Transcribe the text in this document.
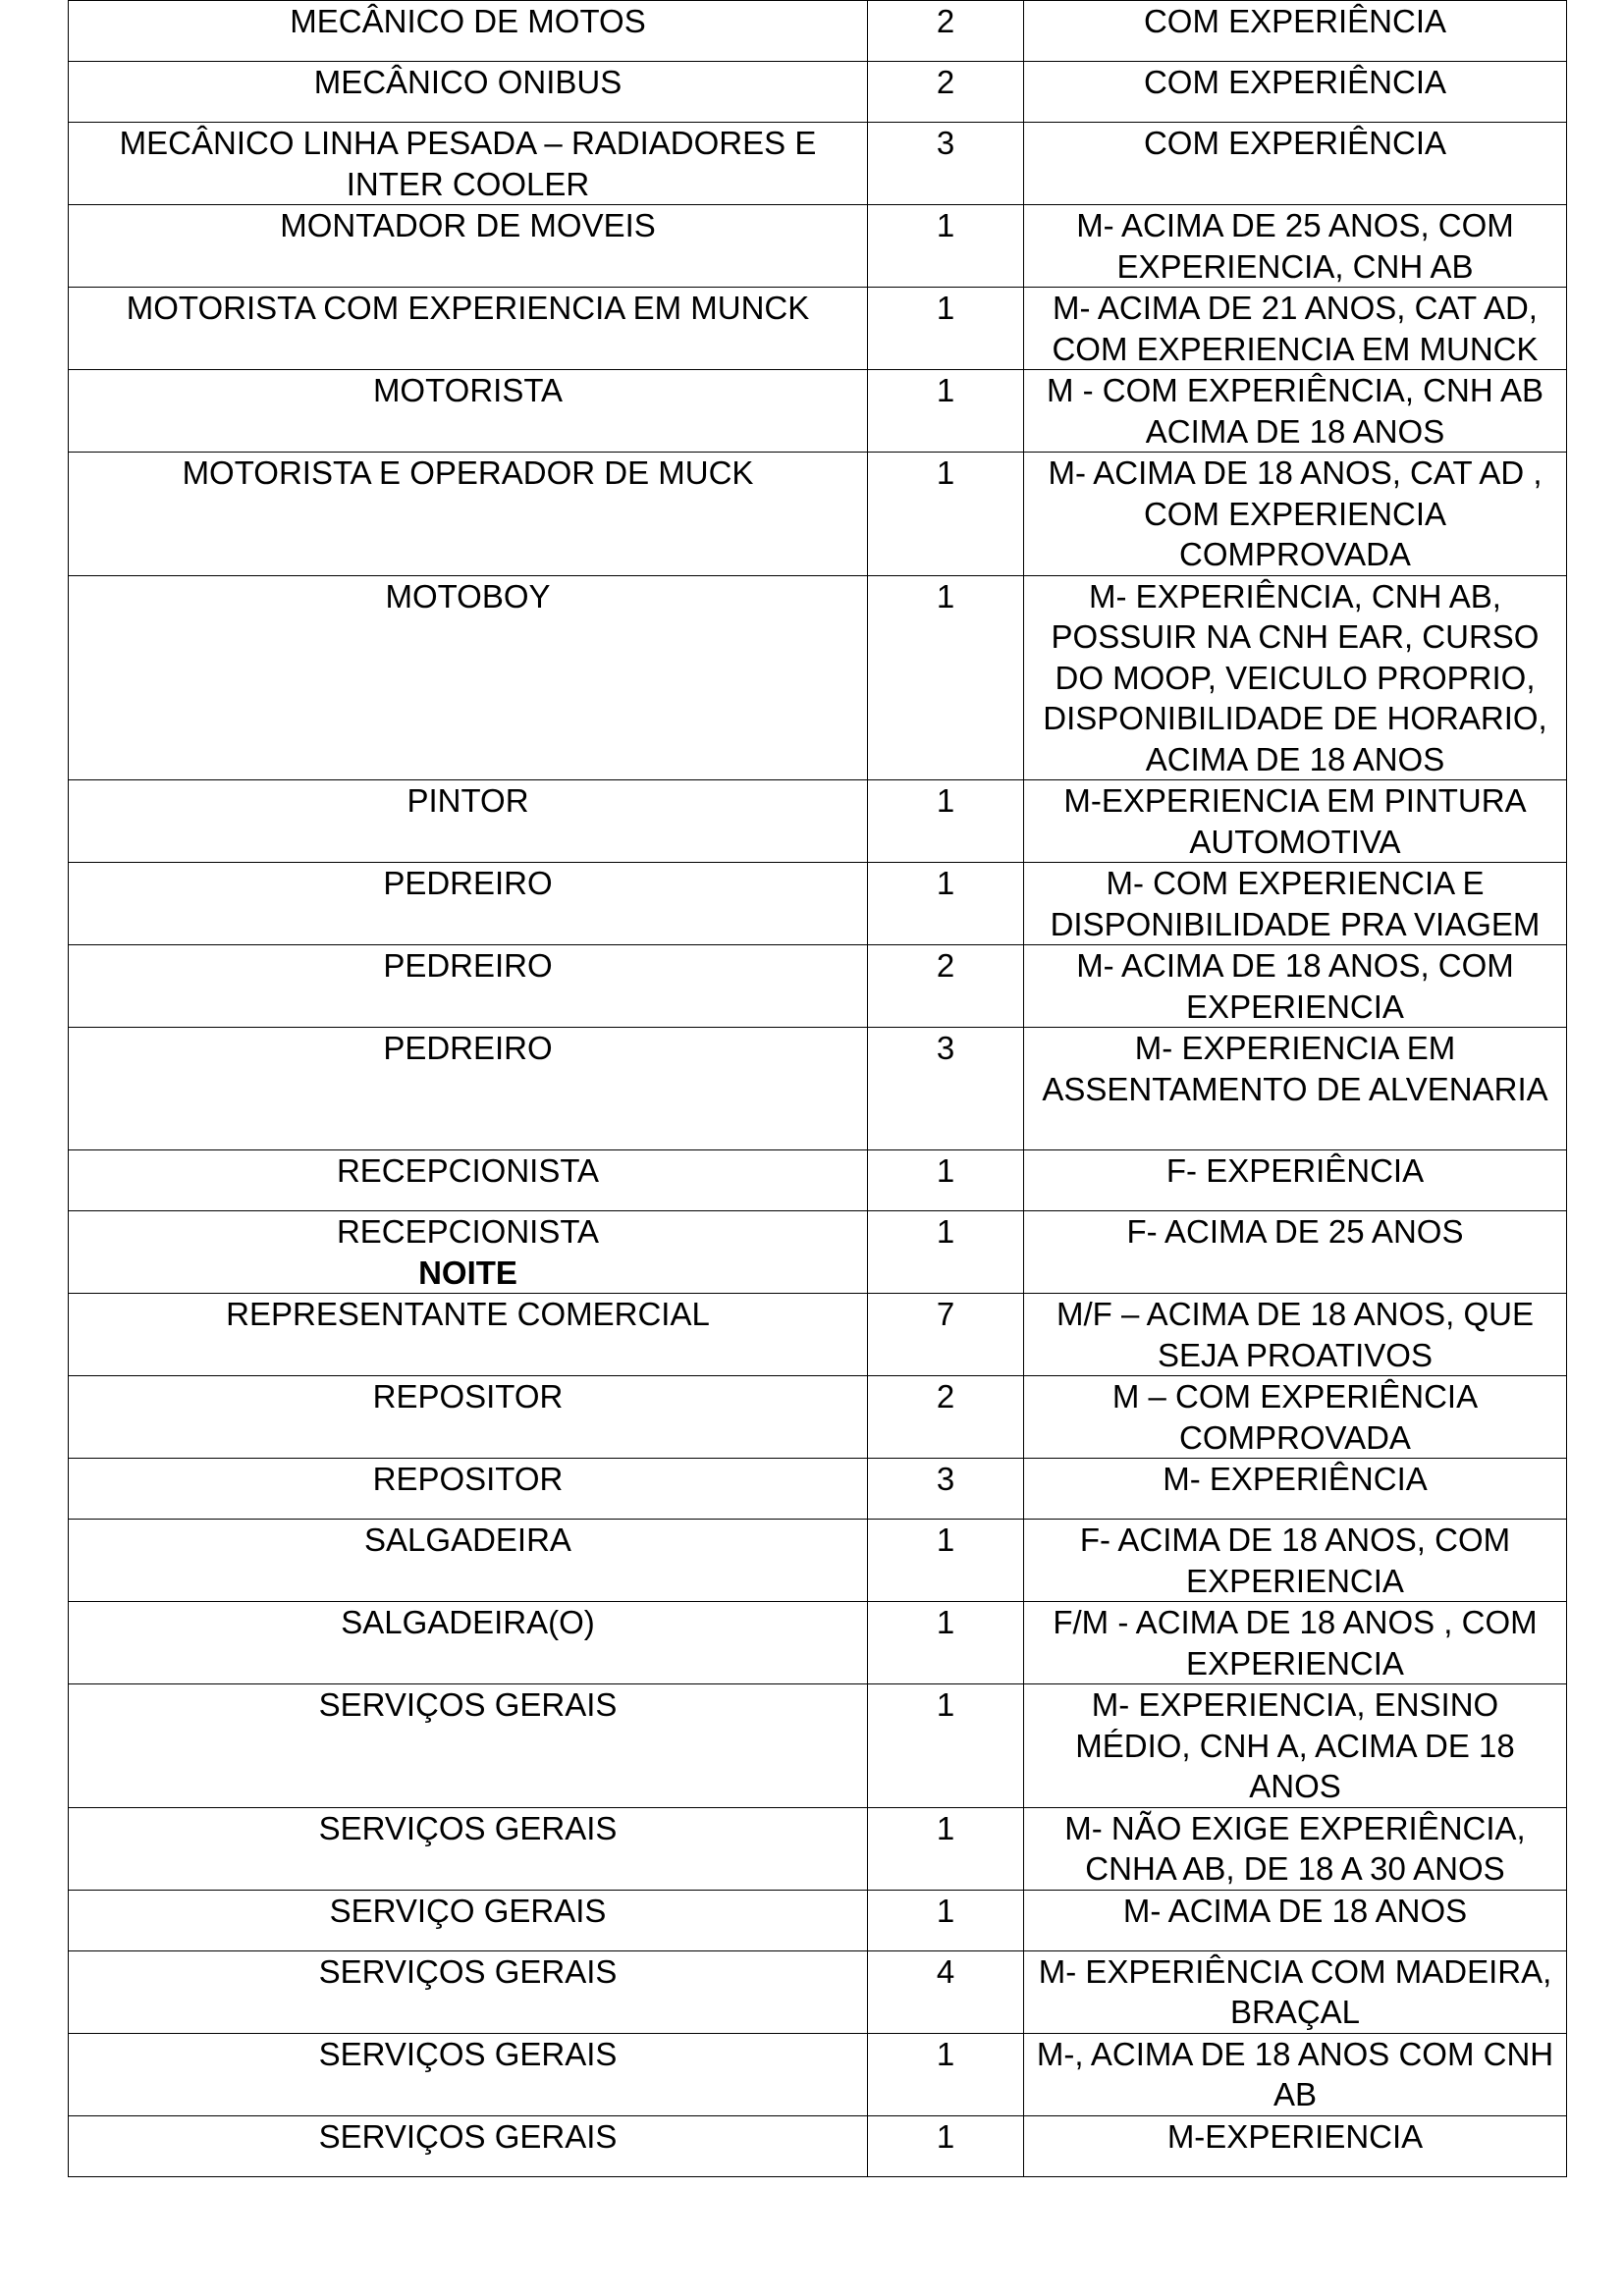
MECÂNICO DE MOTOS	2	COM EXPERIÊNCIA

MECÂNICO ONIBUS	2	COM EXPERIÊNCIA

MECÂNICO LINHA PESADA – RADIADORES E INTER COOLER	3	COM EXPERIÊNCIA

MONTADOR DE MOVEIS	1	M- ACIMA DE 25 ANOS, COM EXPERIENCIA, CNH AB

MOTORISTA COM EXPERIENCIA EM MUNCK	1	M- ACIMA DE 21 ANOS, CAT AD, COM EXPERIENCIA EM MUNCK

MOTORISTA	1	M - COM EXPERIÊNCIA, CNH AB ACIMA DE 18 ANOS

MOTORISTA E OPERADOR DE MUCK	1	M- ACIMA DE 18 ANOS, CAT AD , COM EXPERIENCIA COMPROVADA

MOTOBOY	1	M- EXPERIÊNCIA, CNH AB, POSSUIR NA CNH EAR, CURSO DO MOOP, VEICULO PROPRIO, DISPONIBILIDADE DE HORARIO, ACIMA DE 18 ANOS

PINTOR	1	M-EXPERIENCIA EM PINTURA AUTOMOTIVA

PEDREIRO	1	M- COM EXPERIENCIA E DISPONIBILIDADE PRA VIAGEM

PEDREIRO	2	M- ACIMA DE 18 ANOS, COM EXPERIENCIA

PEDREIRO	3	M- EXPERIENCIA EM ASSENTAMENTO DE ALVENARIA

RECEPCIONISTA	1	F- EXPERIÊNCIA

RECEPCIONISTA
NOITE	1	F- ACIMA DE 25 ANOS

REPRESENTANTE COMERCIAL	7	M/F – ACIMA DE 18 ANOS, QUE SEJA PROATIVOS

REPOSITOR	2	M – COM EXPERIÊNCIA COMPROVADA

REPOSITOR	3	M- EXPERIÊNCIA

SALGADEIRA	1	F- ACIMA DE 18 ANOS, COM EXPERIENCIA

SALGADEIRA(O)	1	F/M - ACIMA DE 18 ANOS , COM EXPERIENCIA

SERVIÇOS GERAIS	1	M- EXPERIENCIA, ENSINO MÉDIO, CNH A, ACIMA DE 18 ANOS

SERVIÇOS GERAIS	1	M- NÃO EXIGE EXPERIÊNCIA, CNHA AB, DE 18 A 30 ANOS

SERVIÇO GERAIS	1	M- ACIMA DE 18 ANOS

SERVIÇOS GERAIS	4	M- EXPERIÊNCIA COM MADEIRA, BRAÇAL

SERVIÇOS GERAIS	1	M-, ACIMA DE 18 ANOS COM CNH AB

SERVIÇOS GERAIS	1	M-EXPERIENCIA
